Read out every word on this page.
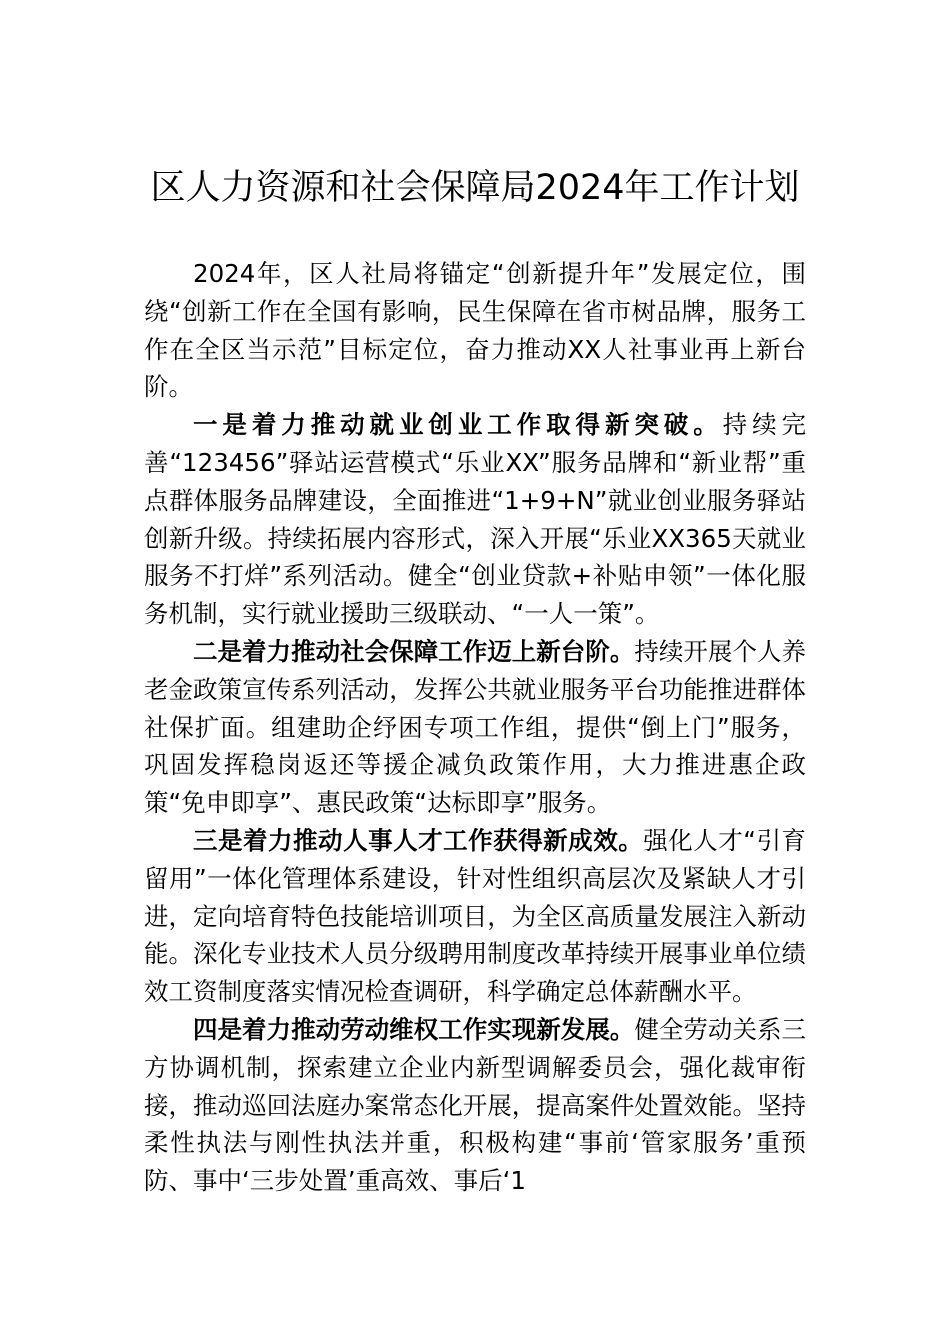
区人力资源和社会保障局2024年工作计划

2024年，区人社局将锚定“创新提升年”发展定位，围绕“创新工作在全国有影响，民生保障在省市树品牌，服务工作在全区当示范”目标定位，奋力推动XX人社事业再上新台阶。

一是着力推动就业创业工作取得新突破。持续完善“123456”驿站运营模式“乐业XX”服务品牌和“新业帮”重点群体服务品牌建设，全面推进“1+9+N”就业创业服务驿站创新升级。持续拓展内容形式，深入开展“乐业XX365天就业服务不打烊”系列活动。健全“创业贷款+补贴申领”一体化服务机制，实行就业援助三级联动、“一人一策”。

二是着力推动社会保障工作迈上新台阶。持续开展个人养老金政策宣传系列活动，发挥公共就业服务平台功能推进群体社保扩面。组建助企纾困专项工作组，提供“倒上门”服务，巩固发挥稳岗返还等援企减负政策作用，大力推进惠企政策“免申即享”、惠民政策“达标即享”服务。

三是着力推动人事人才工作获得新成效。强化人才“引育留用”一体化管理体系建设，针对性组织高层次及紧缺人才引进，定向培育特色技能培训项目，为全区高质量发展注入新动能。深化专业技术人员分级聘用制度改革持续开展事业单位绩效工资制度落实情况检查调研，科学确定总体薪酬水平。

四是着力推动劳动维权工作实现新发展。健全劳动关系三方协调机制，探索建立企业内新型调解委员会，强化裁审衔接，推动巡回法庭办案常态化开展，提高案件处置效能。坚持柔性执法与刚性执法并重，积极构建“事前‘管家服务’重预防、事中‘三步处置’重高效、事后‘1
